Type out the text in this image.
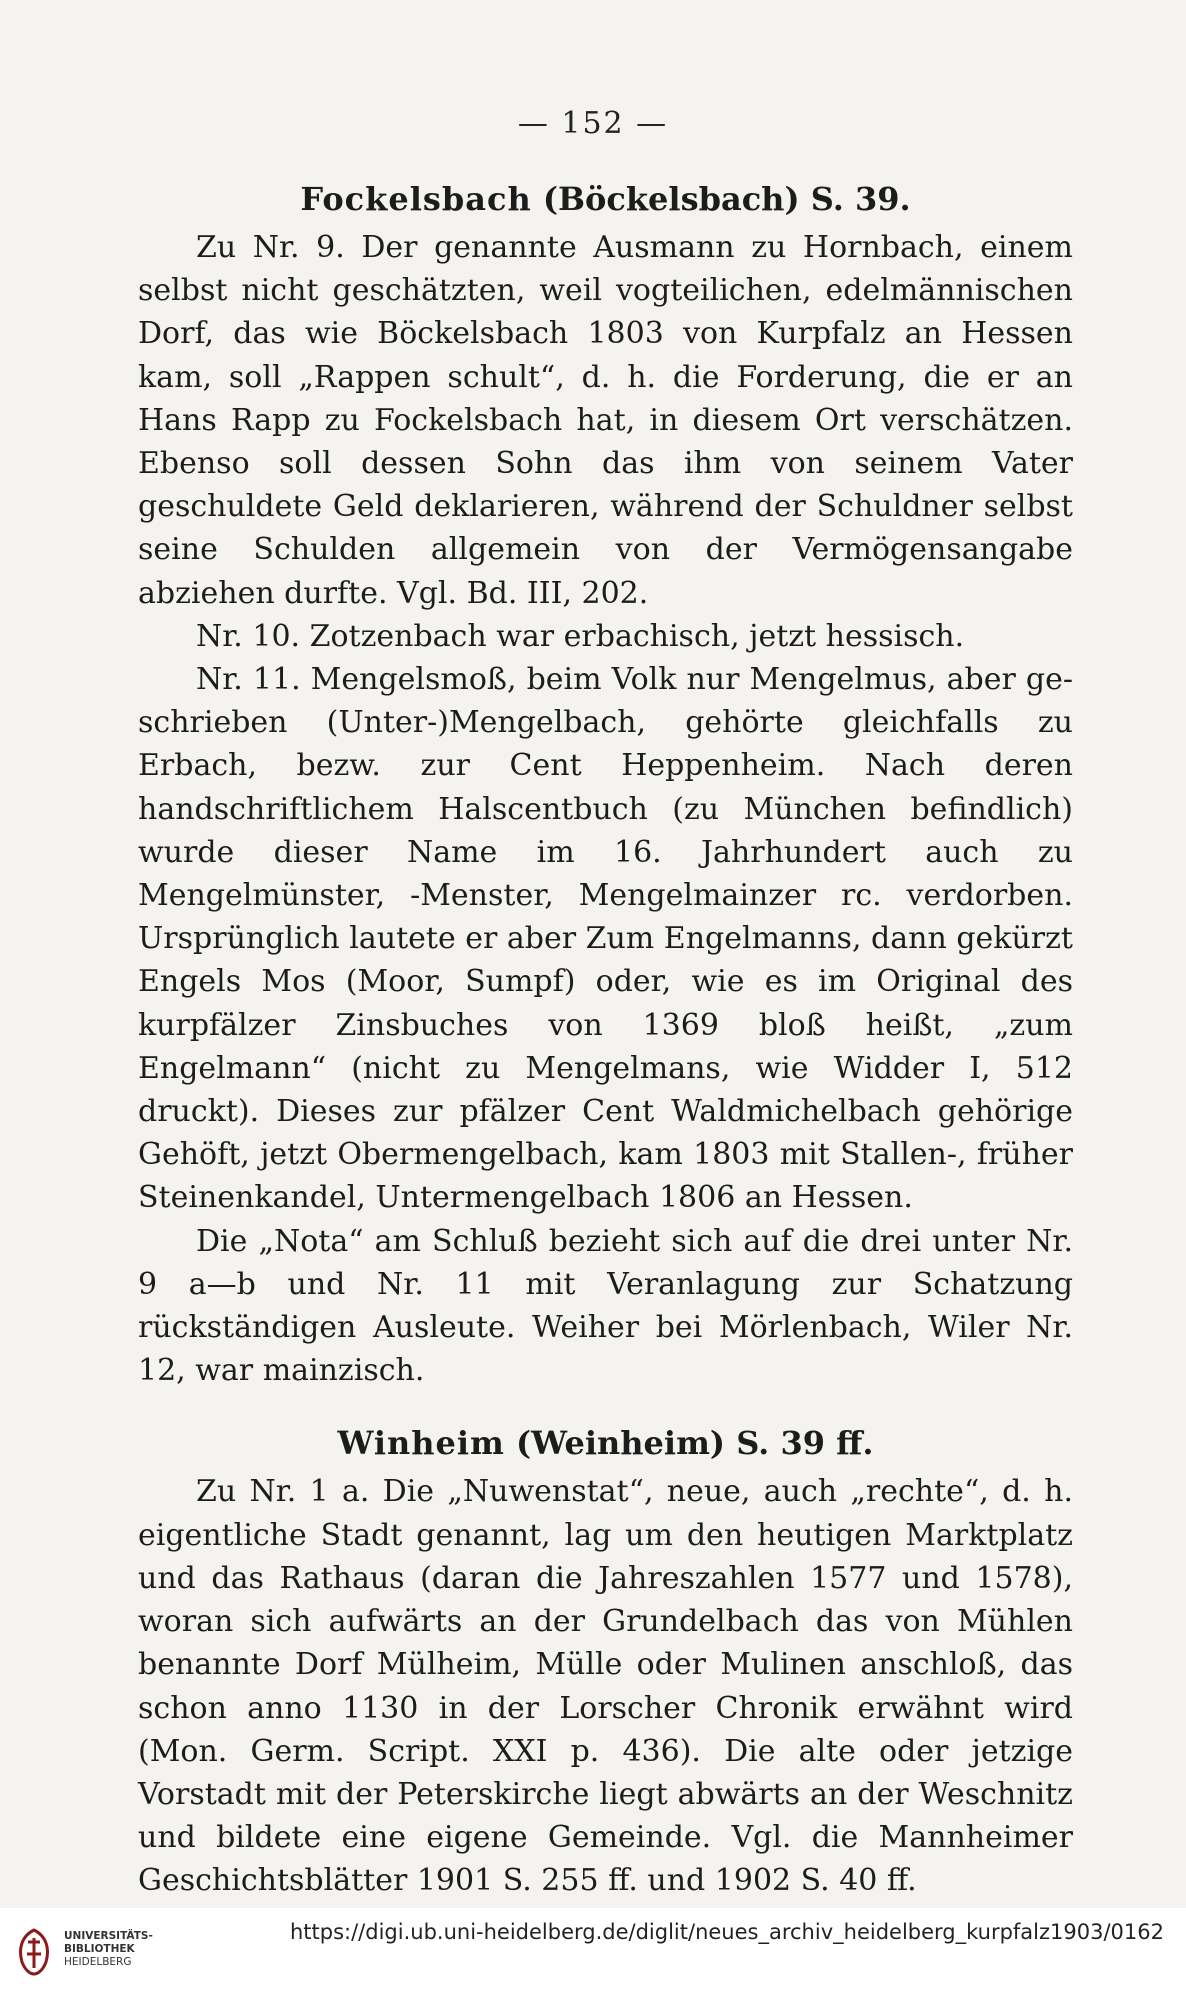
— 152 —
Fockelsbach (Böckelsbach) S. 39.

Zu Nr. 9. Der genannte Ausmann zu Hornbach, einem selbst nicht geschätzten, weil vogteilichen, edelmännischen Dorf, das wie Böckelsbach 1803 von Kurpfalz an Hessen kam, soll „Rappen schult“, d. h. die Forderung, die er an Hans Rapp zu Fockelsbach hat, in diesem Ort verschätzen. Ebenso soll dessen Sohn das ihm von seinem Vater geschuldete Geld deklarieren, während der Schuldner selbst seine Schulden allgemein von der Vermögensangabe abziehen durfte. Vgl. Bd. III, 202.

Nr. 10. Zotzenbach war erbachisch, jetzt hessisch.

Nr. 11. Mengelsmoß, beim Volk nur Mengelmus, aber geschrieben (Unter-)Mengelbach, gehörte gleichfalls zu Erbach, bezw. zur Cent Heppenheim. Nach deren handschriftlichem Halscentbuch (zu München befindlich) wurde dieser Name im 16. Jahrhundert auch zu Mengelmünster, -Menster, Mengelmainzer rc. verdorben. Ursprünglich lautete er aber Zum Engelmanns, dann gekürzt Engels Mos (Moor, Sumpf) oder, wie es im Original des kurpfälzer Zinsbuches von 1369 bloß heißt, „zum Engelmann“ (nicht zu Mengelmans, wie Widder I, 512 druckt). Dieses zur pfälzer Cent Waldmichelbach gehörige Gehöft, jetzt Obermengelbach, kam 1803 mit Stallen-, früher Steinenkandel, Untermengelbach 1806 an Hessen.

Die „Nota“ am Schluß bezieht sich auf die drei unter Nr. 9 a—b und Nr. 11 mit Veranlagung zur Schatzung rückständigen Ausleute. Weiher bei Mörlenbach, Wiler Nr. 12, war mainzisch.

Winheim (Weinheim) S. 39 ff.

Zu Nr. 1 a. Die „Nuwenstat“, neue, auch „rechte“, d. h. eigentliche Stadt genannt, lag um den heutigen Marktplatz und das Rathaus (daran die Jahreszahlen 1577 und 1578), woran sich aufwärts an der Grundelbach das von Mühlen benannte Dorf Mülheim, Mülle oder Mulinen anschloß, das schon anno 1130 in der Lorscher Chronik erwähnt wird (Mon. Germ. Script. XXI p. 436). Die alte oder jetzige Vorstadt mit der Peterskirche liegt abwärts an der Weschnitz und bildete eine eigene Gemeinde. Vgl. die Mannheimer Geschichtsblätter 1901 S. 255 ff. und 1902 S. 40 ff.

UNIVERSITÄTS-
BIBLIOTHEK
HEIDELBERG
https://digi.ub.uni-heidelberg.de/diglit/neues_archiv_heidelberg_kurpfalz1903/0162
